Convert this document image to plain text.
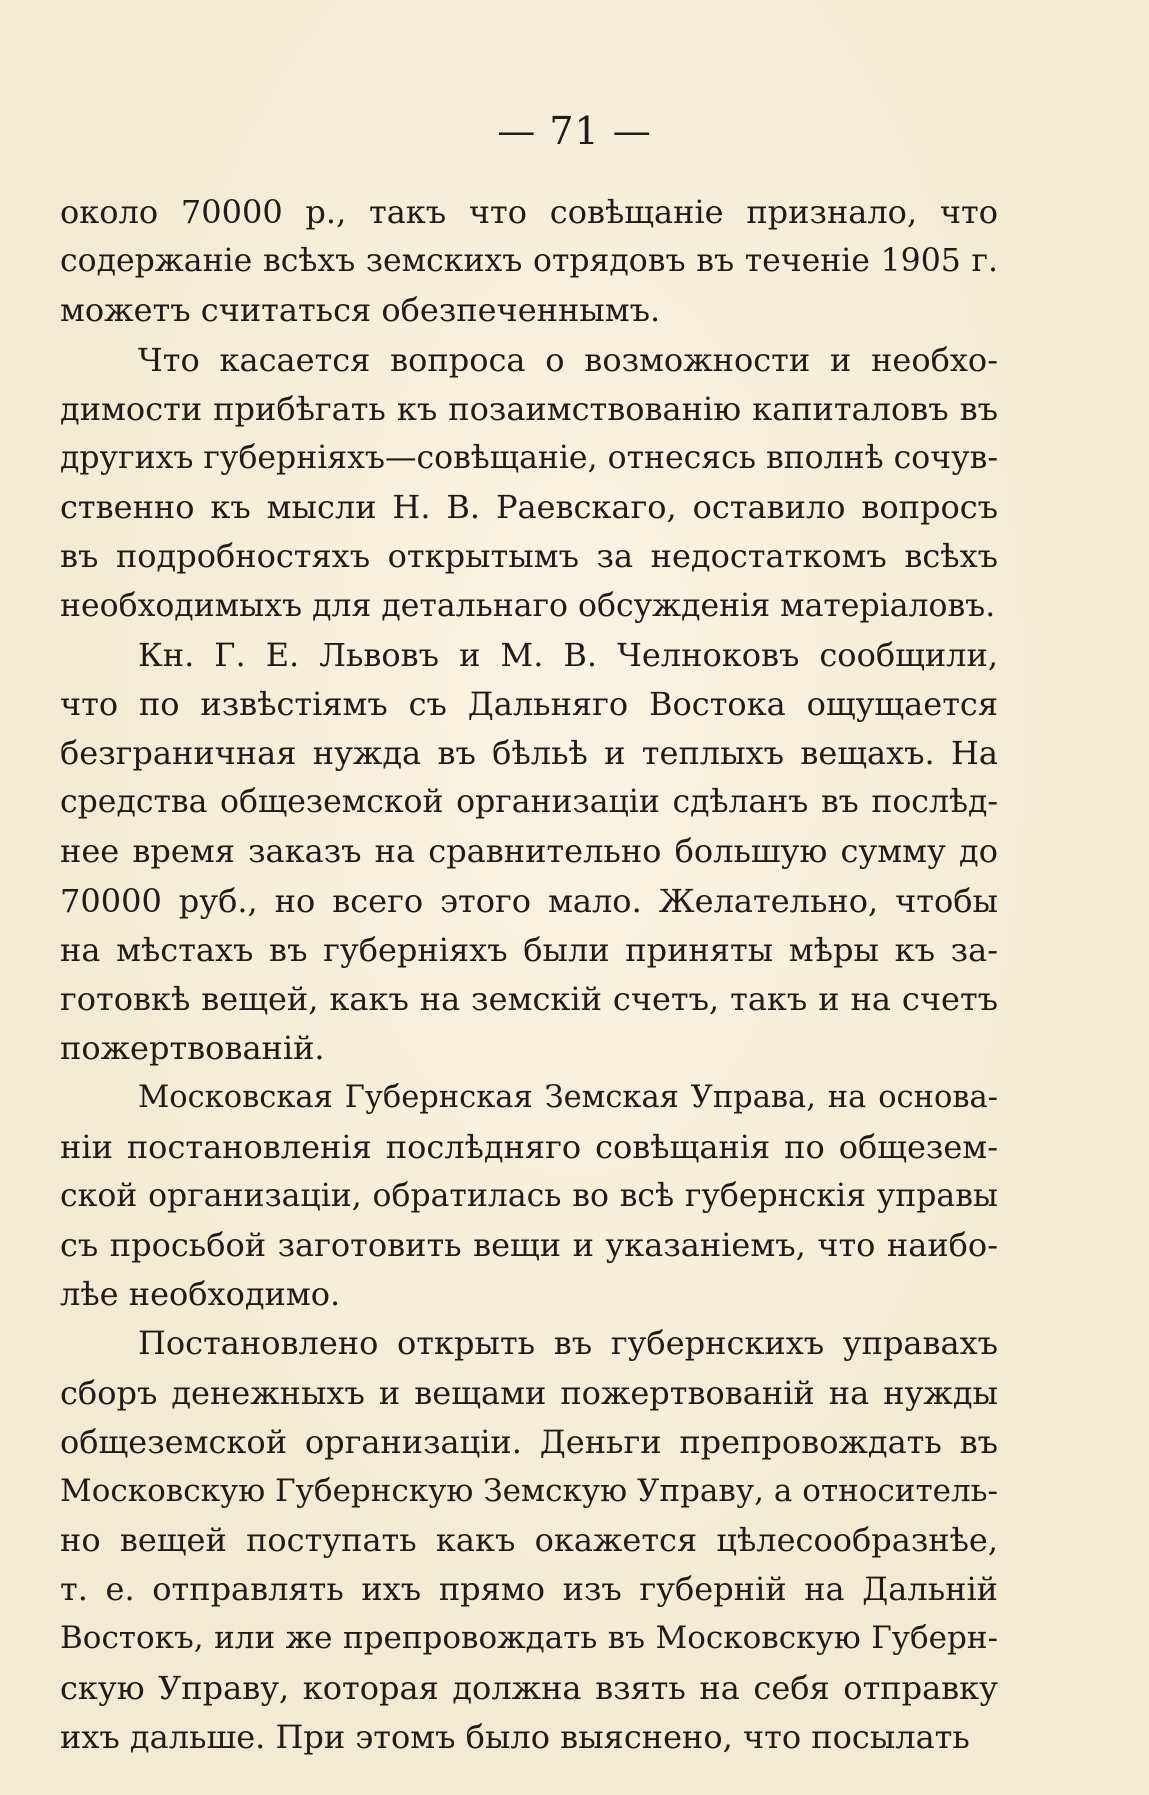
— 71 —
около 70000 р., такъ что совѣщаніе признало, что
содержаніе всѣхъ земскихъ отрядовъ въ теченіе 1905 г.
можетъ считаться обезпеченнымъ.
Что касается вопроса о возможности и необхо-
димости прибѣгать къ позаимствованію капиталовъ въ
другихъ губерніяхъ—совѣщаніе, отнесясь вполнѣ сочув-
ственно къ мысли Н. В. Раевскаго, оставило вопросъ
въ подробностяхъ открытымъ за недостаткомъ всѣхъ
необходимыхъ для детальнаго обсужденія матеріаловъ.
Кн. Г. Е. Львовъ и М. В. Челноковъ сообщили,
что по извѣстіямъ съ Дальняго Востока ощущается
безграничная нужда въ бѣльѣ и теплыхъ вещахъ. На
средства общеземской организаціи сдѣланъ въ послѣд-
нее время заказъ на сравнительно большую сумму до
70000 руб., но всего этого мало. Желательно, чтобы
на мѣстахъ въ губерніяхъ были приняты мѣры къ за-
готовкѣ вещей, какъ на земскій счетъ, такъ и на счетъ
пожертвованій.
Московская Губернская Земская Управа, на основа-
ніи постановленія послѣдняго совѣщанія по общезем-
ской организаціи, обратилась во всѣ губернскія управы
съ просьбой заготовить вещи и указаніемъ, что наибо-
лѣе необходимо.
Постановлено открыть въ губернскихъ управахъ
сборъ денежныхъ и вещами пожертвованій на нужды
общеземской организаціи. Деньги препровождать въ
Московскую Губернскую Земскую Управу, а относитель-
но вещей поступать какъ окажется цѣлесообразнѣе,
т. е. отправлять ихъ прямо изъ губерній на Дальній
Востокъ, или же препровождать въ Московскую Губерн-
скую Управу, которая должна взять на себя отправку
ихъ дальше. При этомъ было выяснено, что посылать
